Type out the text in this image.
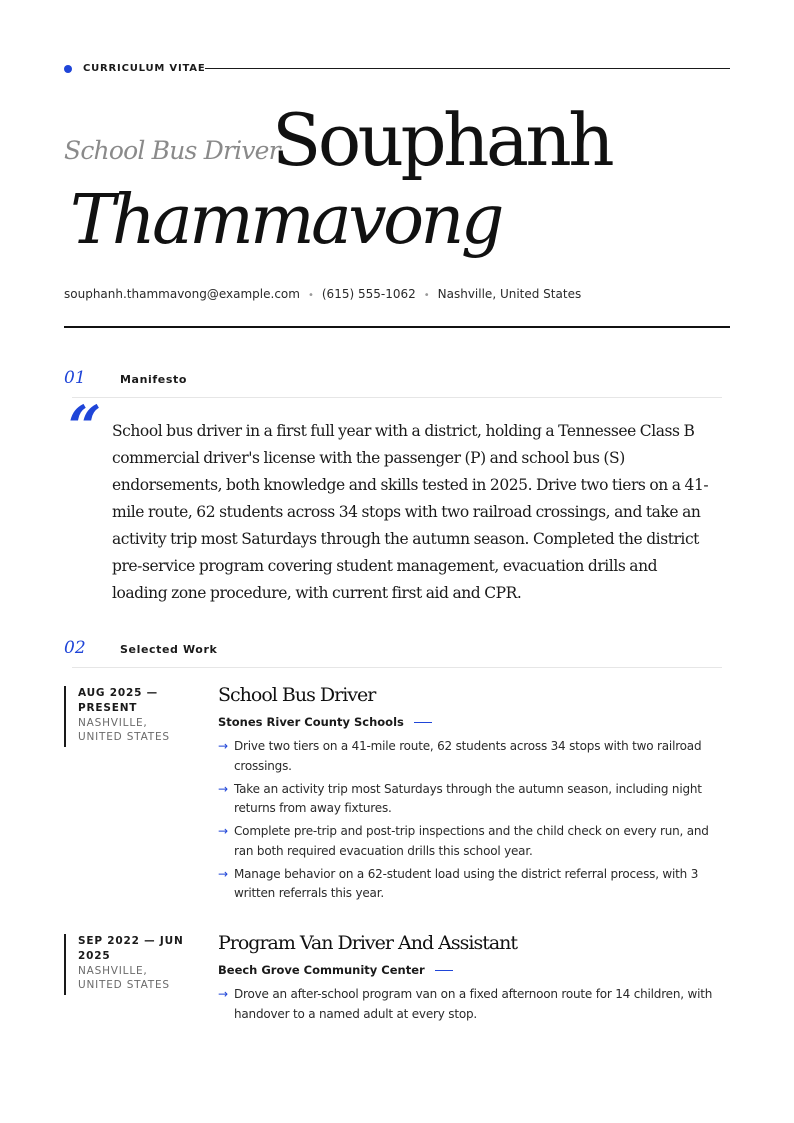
CURRICULUM VITAE
School Bus Driver
Souphanh
Thammavong
souphanh.thammavong@example.com • (615) 555-1062 • Nashville, United States
01	Manifesto
“ School bus driver in a first full year with a district, holding a Tennessee Class B commercial driver's license with the passenger (P) and school bus (S) endorsements, both knowledge and skills tested in 2025. Drive two tiers on a 41-mile route, 62 students across 34 stops with two railroad crossings, and take an activity trip most Saturdays through the autumn season. Completed the district pre-service program covering student management, evacuation drills and loading zone procedure, with current first aid and CPR.
02	Selected Work
AUG 2025 — PRESENT
NASHVILLE, UNITED STATES
School Bus Driver
Stones River County Schools
→ Drive two tiers on a 41-mile route, 62 students across 34 stops with two railroad crossings.
→ Take an activity trip most Saturdays through the autumn season, including night returns from away fixtures.
→ Complete pre-trip and post-trip inspections and the child check on every run, and ran both required evacuation drills this school year.
→ Manage behavior on a 62-student load using the district referral process, with 3 written referrals this year.
SEP 2022 — JUN 2025
NASHVILLE, UNITED STATES
Program Van Driver And Assistant
Beech Grove Community Center
→ Drove an after-school program van on a fixed afternoon route for 14 children, with handover to a named adult at every stop.
